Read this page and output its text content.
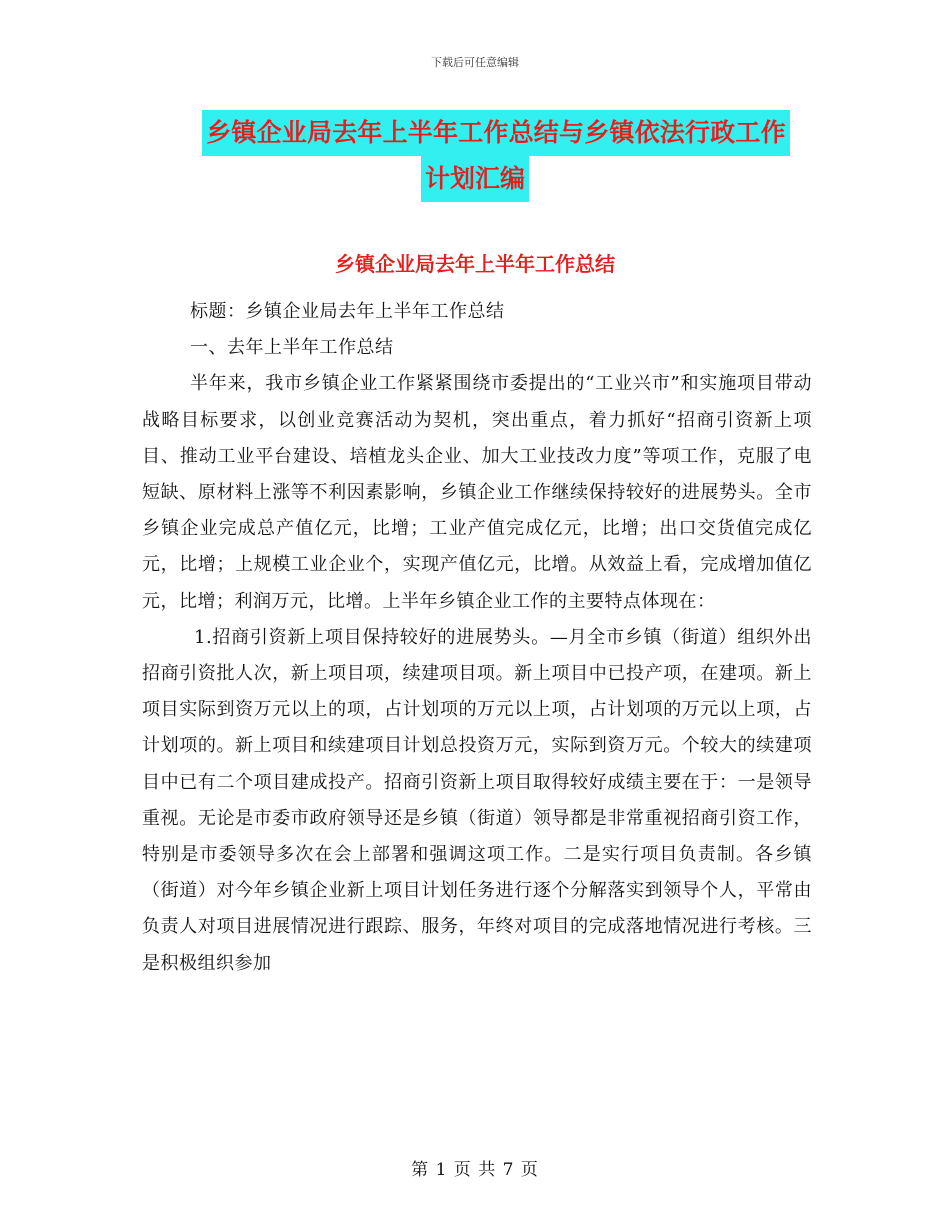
下载后可任意编辑
乡镇企业局去年上半年工作总结与乡镇依法行政工作
计划汇编
乡镇企业局去年上半年工作总结

标题：乡镇企业局去年上半年工作总结

一、去年上半年工作总结

半年来，我市乡镇企业工作紧紧围绕市委提出的“工业兴市”和实施项目带动战略目标要求，以创业竞赛活动为契机，突出重点，着力抓好“招商引资新上项目、推动工业平台建设、培植龙头企业、加大工业技改力度”等项工作，克服了电短缺、原材料上涨等不利因素影响，乡镇企业工作继续保持较好的进展势头。全市乡镇企业完成总产值亿元，比增；工业产值完成亿元，比增；出口交货值完成亿元，比增；上规模工业企业个，实现产值亿元，比增。从效益上看，完成增加值亿元，比增；利润万元，比增。上半年乡镇企业工作的主要特点体现在：

1.招商引资新上项目保持较好的进展势头。—月全市乡镇（街道）组织外出招商引资批人次，新上项目项，续建项目项。新上项目中已投产项，在建项。新上项目实际到资万元以上的项，占计划项的万元以上项，占计划项的万元以上项，占计划项的。新上项目和续建项目计划总投资万元，实际到资万元。个较大的续建项目中已有二个项目建成投产。招商引资新上项目取得较好成绩主要在于：一是领导重视。无论是市委市政府领导还是乡镇（街道）领导都是非常重视招商引资工作，特别是市委领导多次在会上部署和强调这项工作。二是实行项目负责制。各乡镇（街道）对今年乡镇企业新上项目计划任务进行逐个分解落实到领导个人，平常由负责人对项目进展情况进行跟踪、服务，年终对项目的完成落地情况进行考核。三是积极组织参加

第 1 页 共 7 页
